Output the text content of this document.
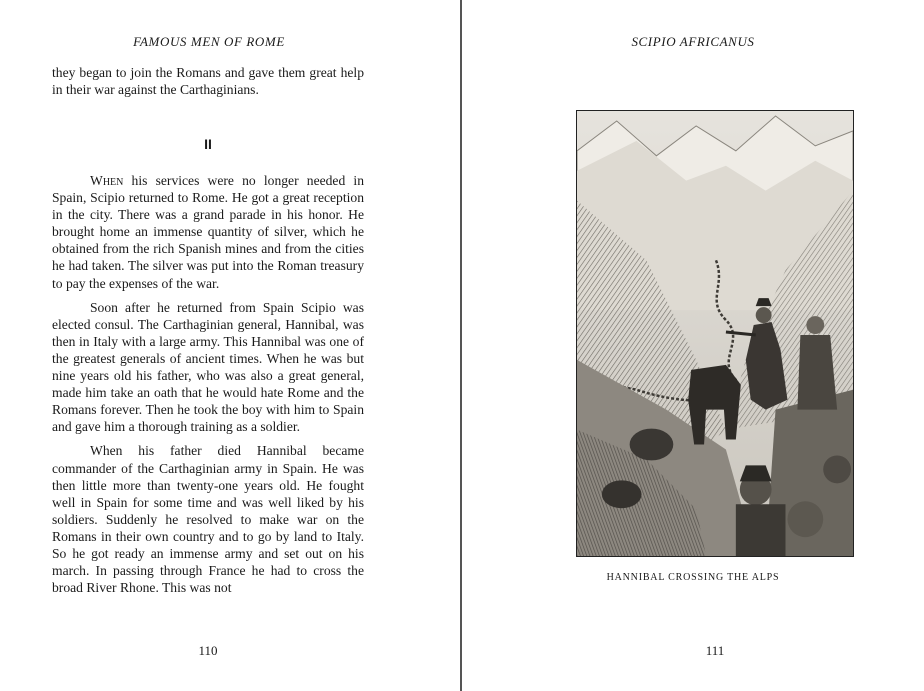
FAMOUS MEN OF ROME

they began to join the Romans and gave them great help in their war against the Carthaginians.

II

When his services were no longer needed in Spain, Scipio returned to Rome. He got a great reception in the city. There was a grand parade in his honor. He brought home an immense quantity of silver, which he obtained from the rich Spanish mines and from the cities he had taken. The silver was put into the Roman treasury to pay the expenses of the war.

Soon after he returned from Spain Scipio was elected consul. The Carthaginian general, Hannibal, was then in Italy with a large army. This Hannibal was one of the greatest generals of ancient times. When he was but nine years old his father, who was also a great general, made him take an oath that he would hate Rome and the Romans forever. Then he took the boy with him to Spain and gave him a thorough training as a soldier.

When his father died Hannibal became commander of the Carthaginian army in Spain. He was then little more than twenty-one years old. He fought well in Spain for some time and was well liked by his soldiers. Suddenly he resolved to make war on the Romans in their own country and to go by land to Italy. So he got ready an immense army and set out on his march. In passing through France he had to cross the broad River Rhone. This was not

110
SCIPIO AFRICANUS
HANNIBAL CROSSING THE ALPS
111
